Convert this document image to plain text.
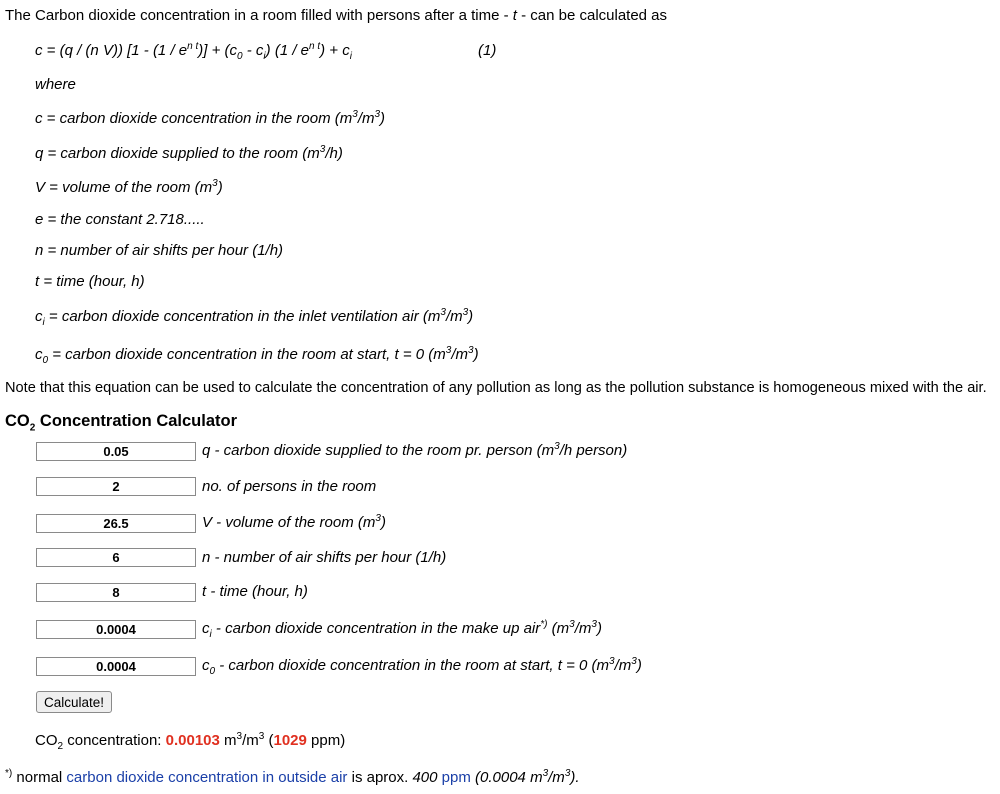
The Carbon dioxide concentration in a room filled with persons after a time - t - can be calculated as
c = (q / (n V)) $[1 - (1 / e^{n t})] + (c_0 - c_i)$ $(1 / e^{n t}) + c_i$	(1)
where
c = carbon dioxide concentration in the room $(m^3/m^3)$
q = carbon dioxide supplied to the room $(m^3/h)$
V = volume of the room $(m^3)$
e = the constant 2.718.....
n = number of air shifts per hour (1/h)
t = time (hour, h)
$c_i$ = carbon dioxide concentration in the inlet ventilation air $(m^3/m^3)$
$c_0$ = carbon dioxide concentration in the room at start, t = 0 $(m^3/m^3)$
Note that this equation can be used to calculate the concentration of any pollution as long as the pollution substance is homogeneous mixed with the air.
$CO_2$ Concentration Calculator
0.05
q - carbon dioxide supplied to the room pr. person ($m^3/h$ person)
2
no. of persons in the room
26.5
V - volume of the room $(m^3)$
6
n - number of air shifts per hour (1/h)
8
t - time (hour, h)
0.0004
$c_i$ - carbon dioxide concentration in the make up air*) $(m^3/m^3)$
0.0004
$c_0$ - carbon dioxide concentration in the room at start, t = 0 $(m^3/m^3)$
Calculate!
$CO_2$ concentration: 0.00103 $m^3/m^3$ (1029 ppm)
*) normal carbon dioxide concentration in outside air is aprox. 400 ppm (0.0004 $m^3/m^3$).
